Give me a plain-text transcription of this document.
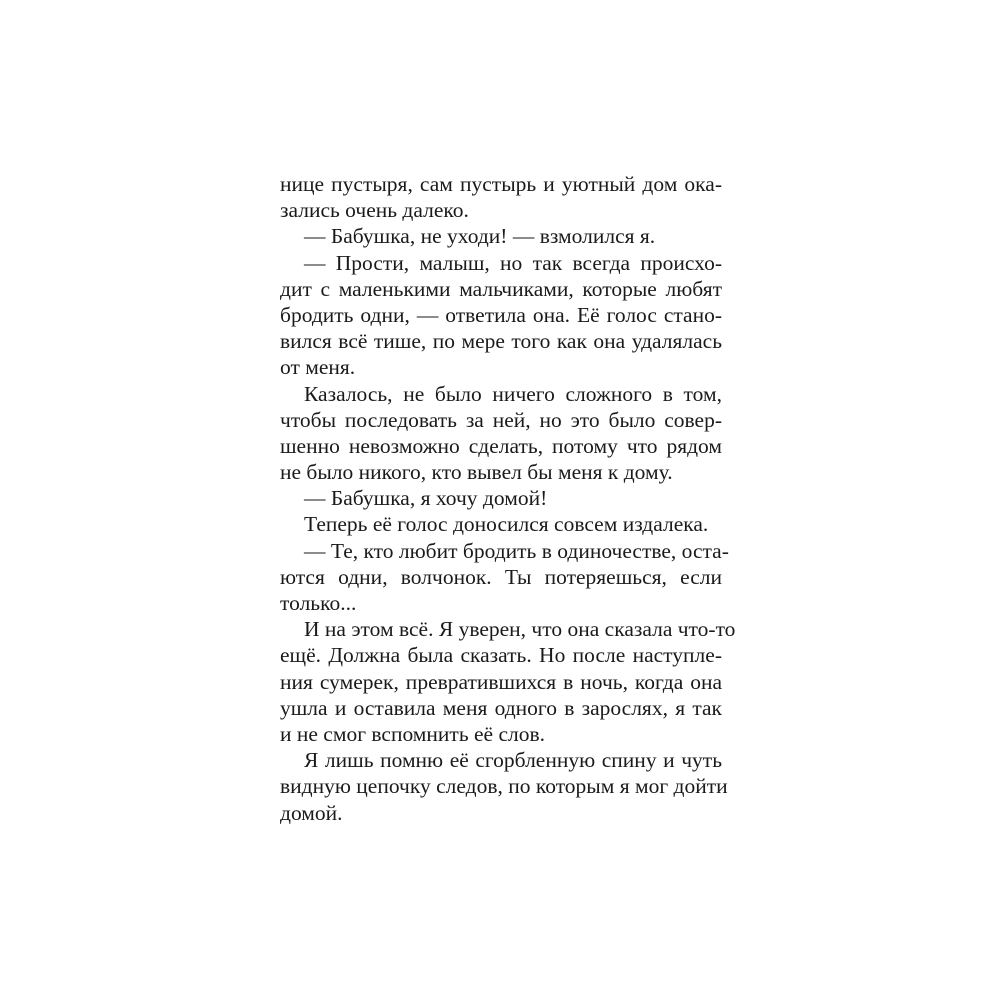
нице пустыря, сам пустырь и уютный дом ока-
зались очень далеко.
— Бабушка, не уходи! — взмолился я.
— Прости, малыш, но так всегда происхо-
дит с маленькими мальчиками, которые любят
бродить одни, — ответила она. Её голос стано-
вился всё тише, по мере того как она удалялась
от меня.
Казалось, не было ничего сложного в том,
чтобы последовать за ней, но это было совер-
шенно невозможно сделать, потому что рядом
не было никого, кто вывел бы меня к дому.
— Бабушка, я хочу домой!
Теперь её голос доносился совсем издалека.
— Те, кто любит бродить в одиночестве, оста-
ются одни, волчонок. Ты потеряешься, если
только...
И на этом всё. Я уверен, что она сказала что-то
ещё. Должна была сказать. Но после наступле-
ния сумерек, превратившихся в ночь, когда она
ушла и оставила меня одного в зарослях, я так
и не смог вспомнить её слов.
Я лишь помню её сгорбленную спину и чуть
видную цепочку следов, по которым я мог дойти
домой.
